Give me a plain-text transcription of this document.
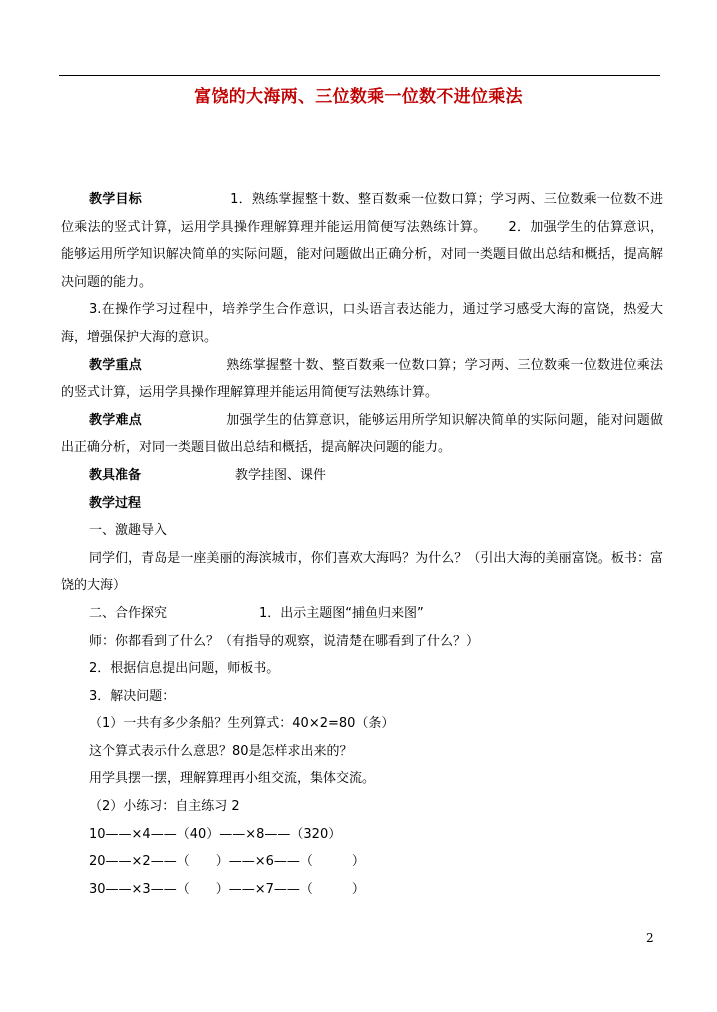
富饶的大海两、三位数乘一位数不进位乘法

教学目标	1．熟练掌握整十数、整百数乘一位数口算；学习两、三位数乘一位数不进位乘法的竖式计算，运用学具操作理解算理并能运用简便写法熟练计算。 2．加强学生的估算意识，能够运用所学知识解决简单的实际问题，能对问题做出正确分析，对同一类题目做出总结和概括，提高解决问题的能力。

3.在操作学习过程中，培养学生合作意识，口头语言表达能力，通过学习感受大海的富饶，热爱大海，增强保护大海的意识。

教学重点	熟练掌握整十数、整百数乘一位数口算；学习两、三位数乘一位数进位乘法的竖式计算，运用学具操作理解算理并能运用简便写法熟练计算。

教学难点	加强学生的估算意识，能够运用所学知识解决简单的实际问题，能对问题做出正确分析，对同一类题目做出总结和概括，提高解决问题的能力。

教具准备	教学挂图、课件

教学过程

一、激趣导入

同学们，青岛是一座美丽的海滨城市，你们喜欢大海吗？为什么？（引出大海的美丽富饶。板书：富饶的大海）

二、合作探究	1．出示主题图“捕鱼归来图”

师：你都看到了什么？（有指导的观察，说清楚在哪看到了什么？）

2．根据信息提出问题，师板书。

3．解决问题：

（1）一共有多少条船？生列算式：40×2=80（条）

这个算式表示什么意思？80是怎样求出来的？

用学具摆一摆，理解算理再小组交流，集体交流。

（2）小练习：自主练习 2

10——×4——（40）——×8——（320）

20——×2——（　　）——×6——（　　　）

30——×3——（　　）——×7——（　　　）

2
